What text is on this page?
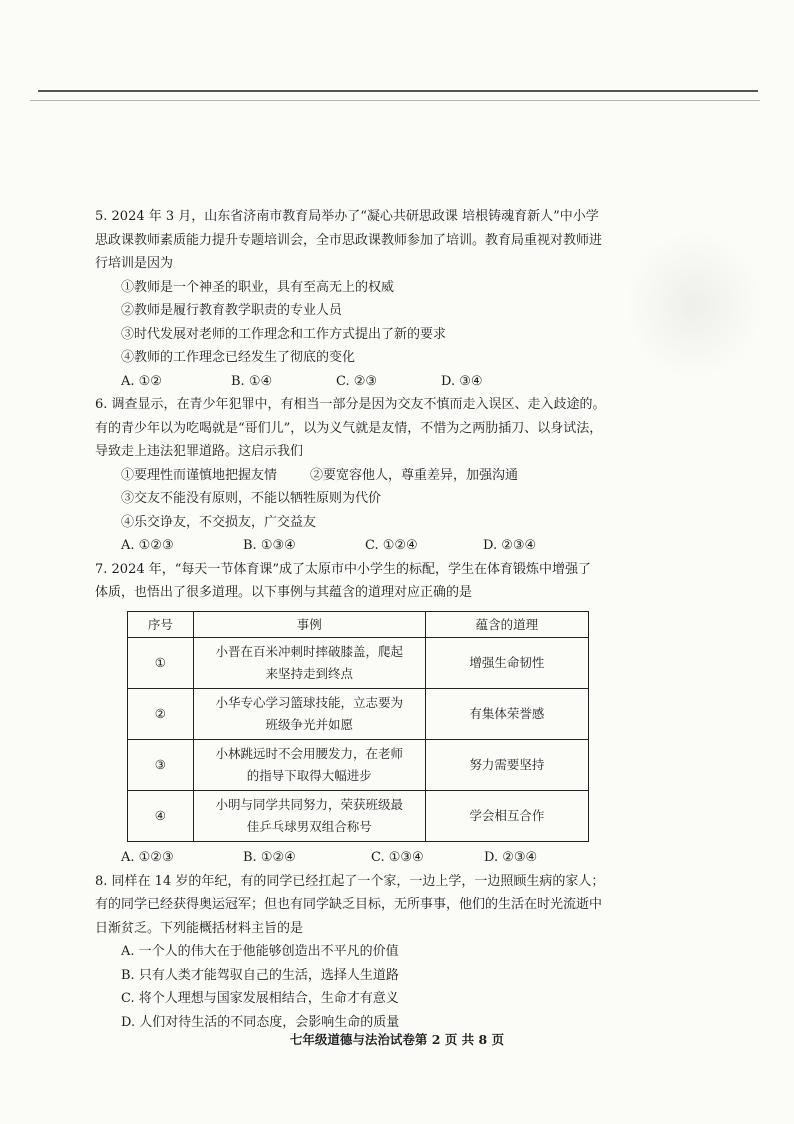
5. 2024 年 3 月，山东省济南市教育局举办了“凝心共研思政课 培根铸魂育新人”中小学
思政课教师素质能力提升专题培训会，全市思政课教师参加了培训。教育局重视对教师进
行培训是因为
①教师是一个神圣的职业，具有至高无上的权威
②教师是履行教育教学职责的专业人员
③时代发展对老师的工作理念和工作方式提出了新的要求
④教师的工作理念已经发生了彻底的变化
A. ①②	B. ①④	C. ②③	D. ③④
6. 调查显示，在青少年犯罪中，有相当一部分是因为交友不慎而走入误区、走入歧途的。
有的青少年以为吃喝就是“哥们儿”，以为义气就是友情，不惜为之两肋插刀、以身试法，
导致走上违法犯罪道路。这启示我们
①要理性而谨慎地把握友情        ②要宽容他人，尊重差异，加强沟通
③交友不能没有原则，不能以牺牲原则为代价
④乐交诤友，不交损友，广交益友
A. ①②③	B. ①③④	C. ①②④	D. ②③④
7. 2024 年，“每天一节体育课”成了太原市中小学生的标配，学生在体育锻炼中增强了
体质，也悟出了很多道理。以下事例与其蕴含的道理对应正确的是
序号	事例	蕴含的道理
①	小晋在百米冲刺时摔破膝盖，爬起
来坚持走到终点	增强生命韧性
②	小华专心学习篮球技能，立志要为
班级争光并如愿	有集体荣誉感
③	小林跳远时不会用腰发力，在老师
的指导下取得大幅进步	努力需要坚持
④	小明与同学共同努力，荣获班级最
佳乒乓球男双组合称号	学会相互合作
A. ①②③	B. ①②④	C. ①③④	D. ②③④
8. 同样在 14 岁的年纪，有的同学已经扛起了一个家，一边上学，一边照顾生病的家人；
有的同学已经获得奥运冠军；但也有同学缺乏目标，无所事事，他们的生活在时光流逝中
日渐贫乏。下列能概括材料主旨的是
A. 一个人的伟大在于他能够创造出不平凡的价值
B. 只有人类才能驾驭自己的生活，选择人生道路
C. 将个人理想与国家发展相结合，生命才有意义
D. 人们对待生活的不同态度，会影响生命的质量
七年级道德与法治试卷第 2 页 共 8 页
